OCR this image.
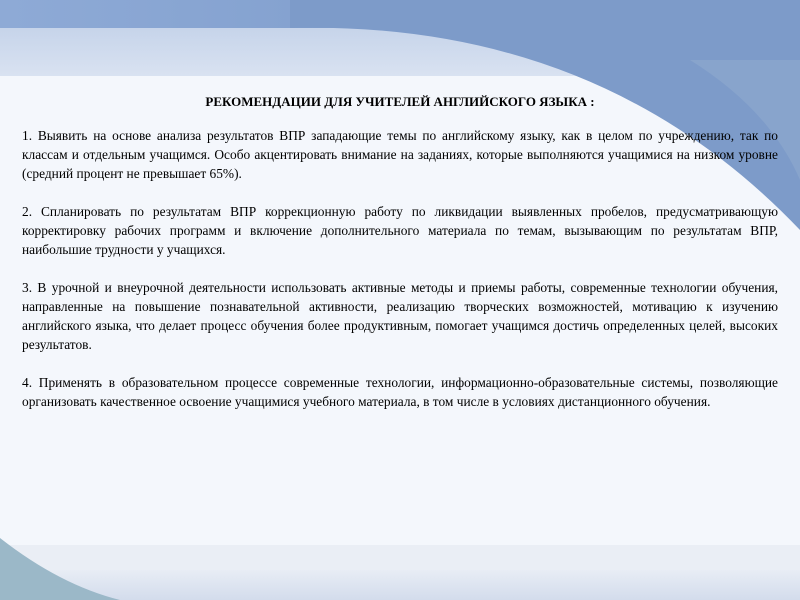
РЕКОМЕНДАЦИИ ДЛЯ УЧИТЕЛЕЙ АНГЛИЙСКОГО ЯЗЫКА :

1. Выявить на основе анализа результатов ВПР западающие темы по английскому языку, как в целом по учреждению, так по классам и отдельным учащимся. Особо акцентировать внимание на заданиях, которые выполняются учащимися на низком уровне (средний процент не превышает 65%).

2. Спланировать по результатам ВПР коррекционную работу по ликвидации выявленных пробелов, предусматривающую корректировку рабочих программ и включение дополнительного материала по темам, вызывающим по результатам ВПР, наибольшие трудности у учащихся.

3. В урочной и внеурочной деятельности использовать активные методы и приемы работы, современные технологии обучения, направленные на повышение познавательной активности, реализацию творческих возможностей, мотивацию к изучению английского языка, что делает процесс обучения более продуктивным, помогает учащимся достичь определенных целей, высоких результатов.

4. Применять в образовательном процессе современные технологии, информационно-образовательные системы, позволяющие организовать качественное освоение учащимися учебного материала, в том числе в условиях дистанционного обучения.
